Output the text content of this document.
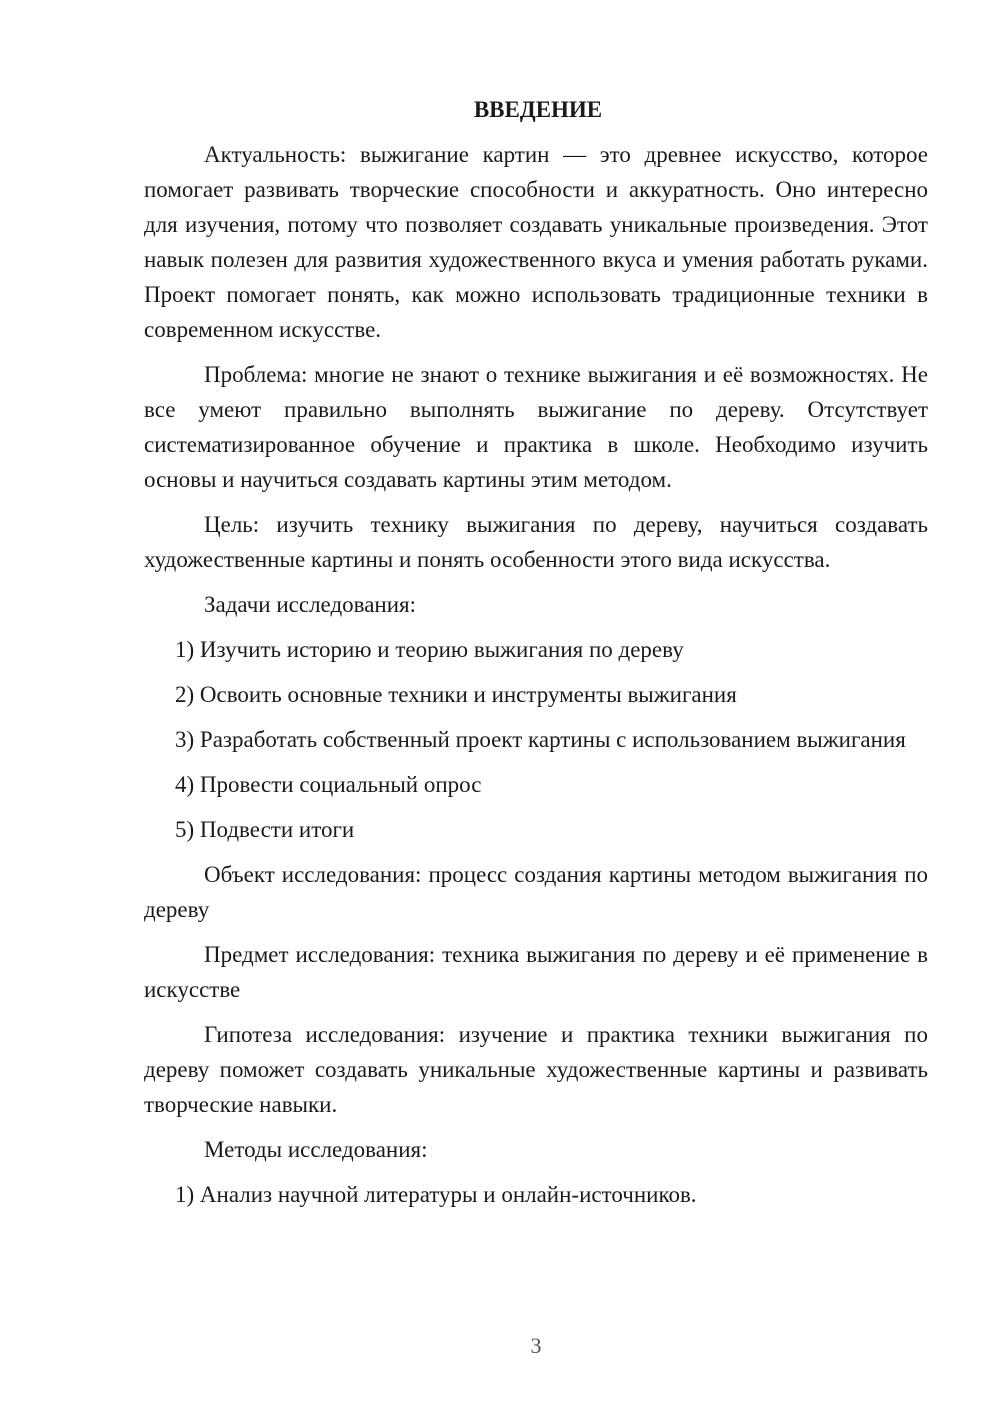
ВВЕДЕНИЕ

Актуальность: выжигание картин — это древнее искусство, которое помогает развивать творческие способности и аккуратность. Оно интересно для изучения, потому что позволяет создавать уникальные произведения. Этот навык полезен для развития художественного вкуса и умения работать руками. Проект помогает понять, как можно использовать традиционные техники в современном искусстве.

Проблема: многие не знают о технике выжигания и её возможностях. Не все умеют правильно выполнять выжигание по дереву. Отсутствует систематизированное обучение и практика в школе. Необходимо изучить основы и научиться создавать картины этим методом.

Цель: изучить технику выжигания по дереву, научиться создавать художественные картины и понять особенности этого вида искусства.

Задачи исследования:

1) Изучить историю и теорию выжигания по дереву

2) Освоить основные техники и инструменты выжигания

3) Разработать собственный проект картины с использованием выжигания

4) Провести социальный опрос

5) Подвести итоги

Объект исследования: процесс создания картины методом выжигания по дереву

Предмет исследования: техника выжигания по дереву и её применение в искусстве

Гипотеза исследования: изучение и практика техники выжигания по дереву поможет создавать уникальные художественные картины и развивать творческие навыки.

Методы исследования:

1) Анализ научной литературы и онлайн-источников.

3
